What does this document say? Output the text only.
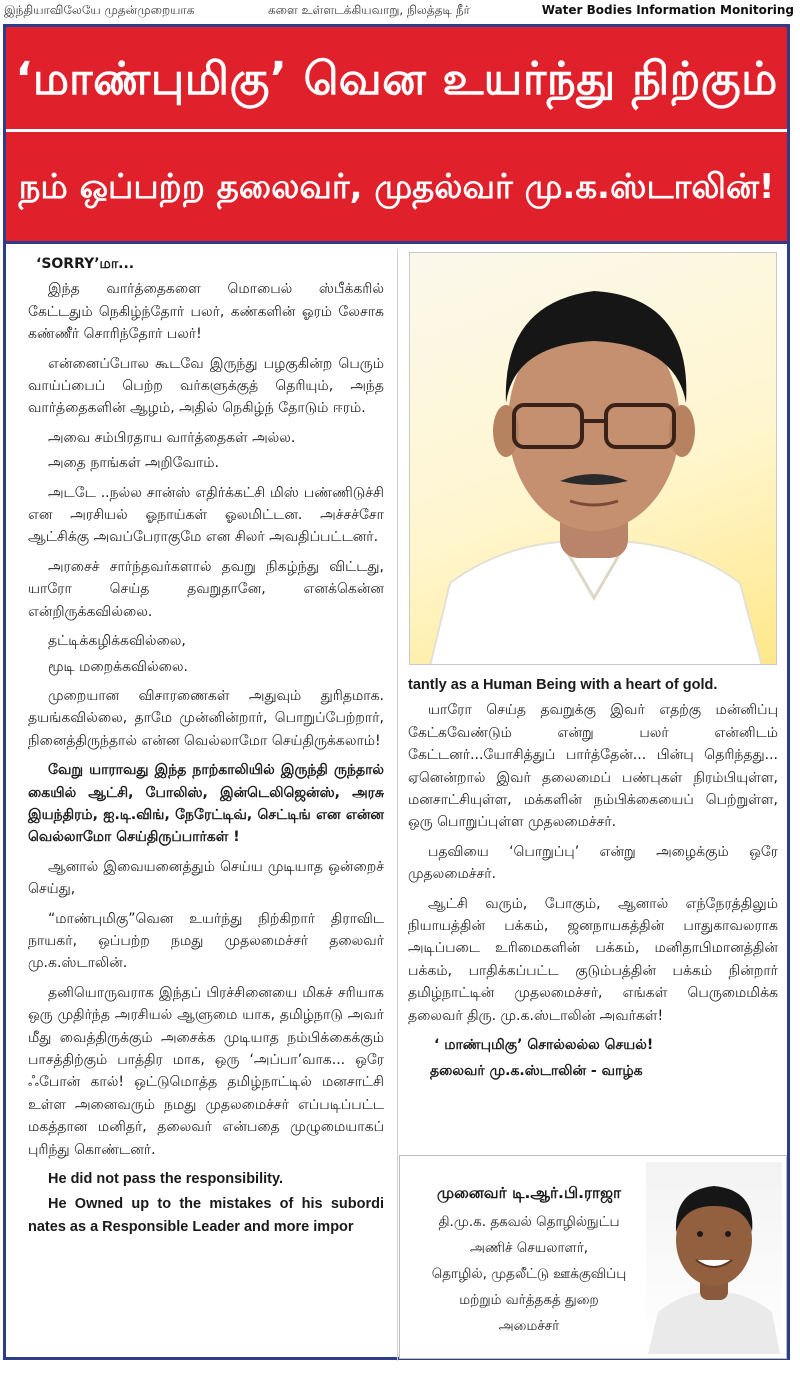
இந்தியாவிலேயே முதன்முறையாக	களை உள்ளடக்கியவாறு, நிலத்தடி நீர்	Water Bodies Information Monitoring
‘மாண்புமிகு’ வென உயர்ந்து நிற்கும்
நம் ஒப்பற்ற தலைவர், முதல்வர் மு.க.ஸ்டாலின்!

‘SORRY’மா...

இந்த வார்த்தைகளை மொபைல் ஸ்பீக்கரில் கேட்டதும் நெகிழ்ந்தோர் பலர், கண்களின் ஓரம் லேசாக கண்ணீர் சொரிந்தோர் பலர்!

என்னைப்போல கூடவே இருந்து பழகுகின்ற பெரும் வாய்ப்பைப் பெற்ற வர்களுக்குத் தெரியும், அந்த வார்த்தைகளின் ஆழம், அதில் நெகிழ்ந் தோடும் ஈரம்.

அவை சம்பிரதாய வார்த்தைகள் அல்ல.

அதை நாங்கள் அறிவோம்.

அடடே ..நல்ல சான்ஸ் எதிர்க்கட்சி மிஸ் பண்ணிடுச்சி என அரசியல் ஓநாய்கள் ஓலமிட்டன. அச்சச்சோ ஆட்சிக்கு அவப்பேராகுமே என சிலர் அவதிப்பட்டனர்.

அரசைச் சார்ந்தவர்களால் தவறு நிகழ்ந்து விட்டது, யாரோ செய்த தவறுதானே, எனக்கென்ன என்றிருக்கவில்லை.

தட்டிக்கழிக்கவில்லை,

மூடி மறைக்கவில்லை.

முறையான விசாரணைகள் அதுவும் துரிதமாக. தயங்கவில்லை, தாமே முன்னின்றார், பொறுப்பேற்றார், நினைத்திருந்தால் என்ன வெல்லாமோ செய்திருக்கலாம்!

வேறு யாராவது இந்த நாற்காலியில் இருந்தி ருந்தால் கையில் ஆட்சி, போலிஸ், இன்டெலிஜென்ஸ், அரசு இயந்திரம், ஐ.டி.விங், நேரேட்டிவ், செட்டிங் என என்ன வெல்லாமோ செய்திருப்பார்கள் !

ஆனால் இவையனைத்தும் செய்ய முடியாத ஒன்றைச் செய்து,

“மாண்புமிகு”வென உயர்ந்து நிற்கிறார் திராவிட நாயகர், ஒப்பற்ற நமது முதலமைச்சர் தலைவர் மு.க.ஸ்டாலின்.

தனியொருவராக இந்தப் பிரச்சினையை மிகச் சரியாக ஒரு முதிர்ந்த அரசியல் ஆளுமை யாக, தமிழ்நாடு அவர் மீது வைத்திருக்கும் அசைக்க முடியாத நம்பிக்கைக்கும் பாசத்திற்கும் பாத்திர மாக, ஒரு ‘அப்பா’வாக... ஒரே ஃபோன் கால்! ஒட்டுமொத்த தமிழ்நாட்டில் மனசாட்சி உள்ள அனைவரும் நமது முதலமைச்சர் எப்படிப்பட்ட மகத்தான மனிதர், தலைவர் என்பதை முழுமையாகப் புரிந்து கொண்டனர்.

He did not pass the responsibility.

He Owned up to the mistakes of his subordi nates as a Responsible Leader and more impor

tantly as a Human Being with a heart of gold.

யாரோ செய்த தவறுக்கு இவர் எதற்கு மன்னிப்பு கேட்கவேண்டும் என்று பலர் என்னிடம் கேட்டனர்...யோசித்துப் பார்த்தேன்... பின்பு தெரிந்தது... ஏனென்றால் இவர் தலைமைப் பண்புகள் நிரம்பியுள்ள, மனசாட்சியுள்ள, மக்களின் நம்பிக்கையைப் பெற்றுள்ள, ஒரு பொறுப்புள்ள முதலமைச்சர்.

பதவியை ‘பொறுப்பு’ என்று அழைக்கும் ஒரே முதலமைச்சர்.

ஆட்சி வரும், போகும், ஆனால் எந்நேரத்திலும் நியாயத்தின் பக்கம், ஜனநாயகத்தின் பாதுகாவலராக அடிப்படை உரிமைகளின் பக்கம், மனிதாபிமானத்தின் பக்கம், பாதிக்கப்பட்ட குடும்பத்தின் பக்கம் நின்றார் தமிழ்நாட்டின் முதலமைச்சர், எங்கள் பெருமைமிக்க தலைவர் திரு. மு.க.ஸ்டாலின் அவர்கள்!

‘ மாண்புமிகு’ சொல்லல்ல செயல்!

தலைவர் மு.க.ஸ்டாலின் - வாழ்க

முனைவர் டி.ஆர்.பி.ராஜா
தி.மு.க. தகவல் தொழில்நுட்ப
அணிச் செயலாளர்,
தொழில், முதலீட்டு ஊக்குவிப்பு
மற்றும் வர்த்தகத் துறை
அமைச்சர்
